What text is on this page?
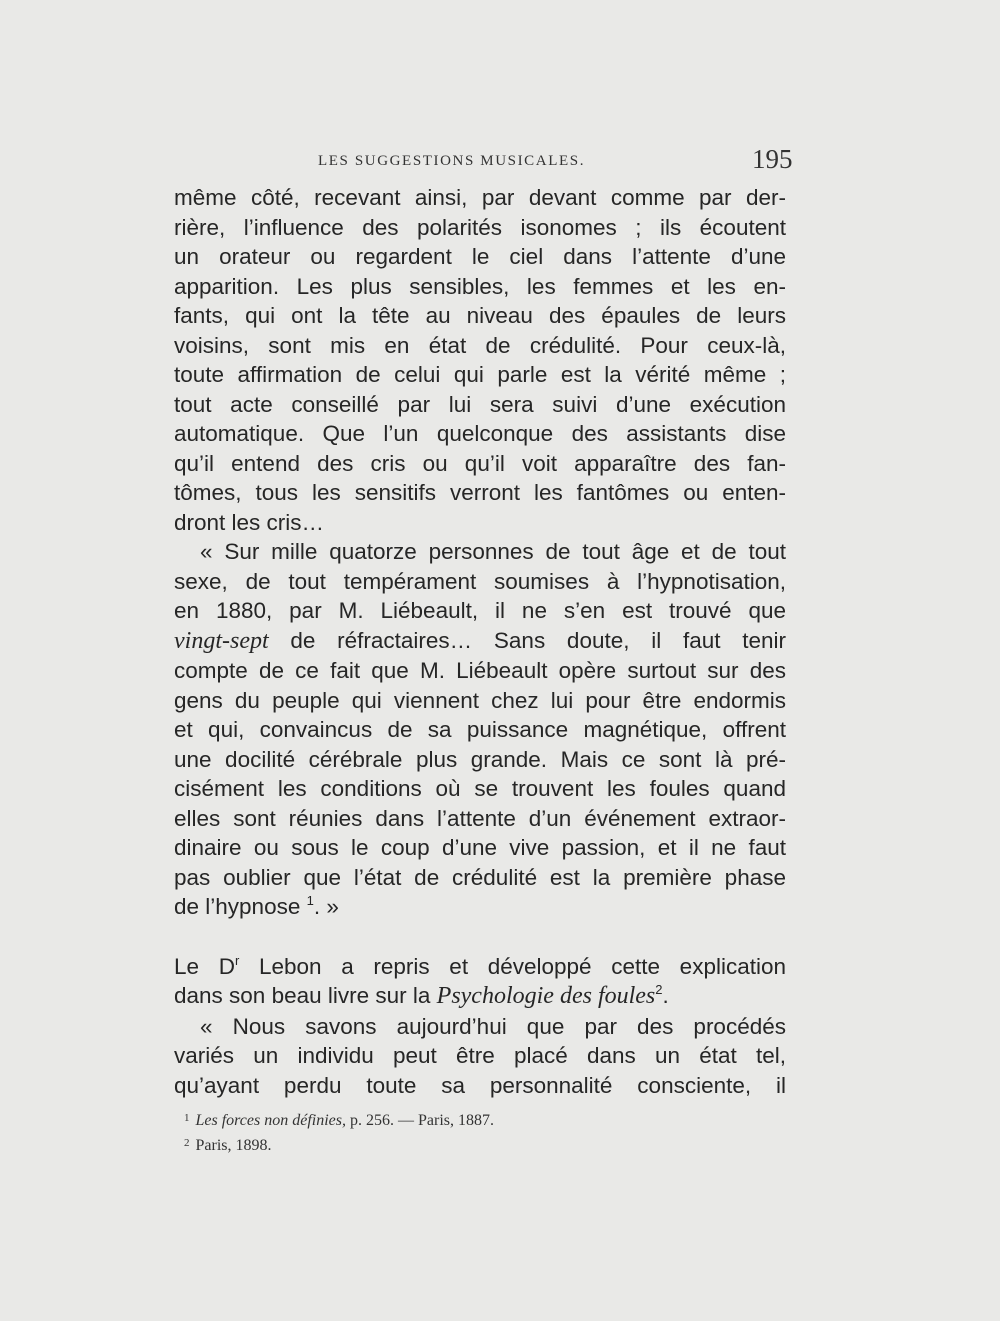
LES SUGGESTIONS MUSICALES.	195
même côté, recevant ainsi, par devant comme par der-
rière, l’influence des polarités isonomes ; ils écoutent
un orateur ou regardent le ciel dans l’attente d’une
apparition. Les plus sensibles, les femmes et les en-
fants, qui ont la tête au niveau des épaules de leurs
voisins, sont mis en état de crédulité. Pour ceux-là,
toute affirmation de celui qui parle est la vérité même ;
tout acte conseillé par lui sera suivi d’une exécution
automatique. Que l’un quelconque des assistants dise
qu’il entend des cris ou qu’il voit apparaître des fan-
tômes, tous les sensitifs verront les fantômes ou enten-
dront les cris…
« Sur mille quatorze personnes de tout âge et de tout
sexe, de tout tempérament soumises à l’hypnotisation,
en 1880, par M. Liébeault, il ne s’en est trouvé que
vingt-sept de réfractaires… Sans doute, il faut tenir
compte de ce fait que M. Liébeault opère surtout sur des
gens du peuple qui viennent chez lui pour être endormis
et qui, convaincus de sa puissance magnétique, offrent
une docilité cérébrale plus grande. Mais ce sont là pré-
cisément les conditions où se trouvent les foules quand
elles sont réunies dans l’attente d’un événement extraor-
dinaire ou sous le coup d’une vive passion, et il ne faut
pas oublier que l’état de crédulité est la première phase
de l’hypnose $^1$. »
Le $D^r$ Lebon a repris et développé cette explication
dans son beau livre sur la Psychologie des foules$^2$.
« Nous savons aujourd’hui que par des procédés
variés un individu peut être placé dans un état tel,
qu’ayant perdu toute sa personnalité consciente, il
$^1$ Les forces non définies, p. 256. — Paris, 1887.
$^2$ Paris, 1898.
